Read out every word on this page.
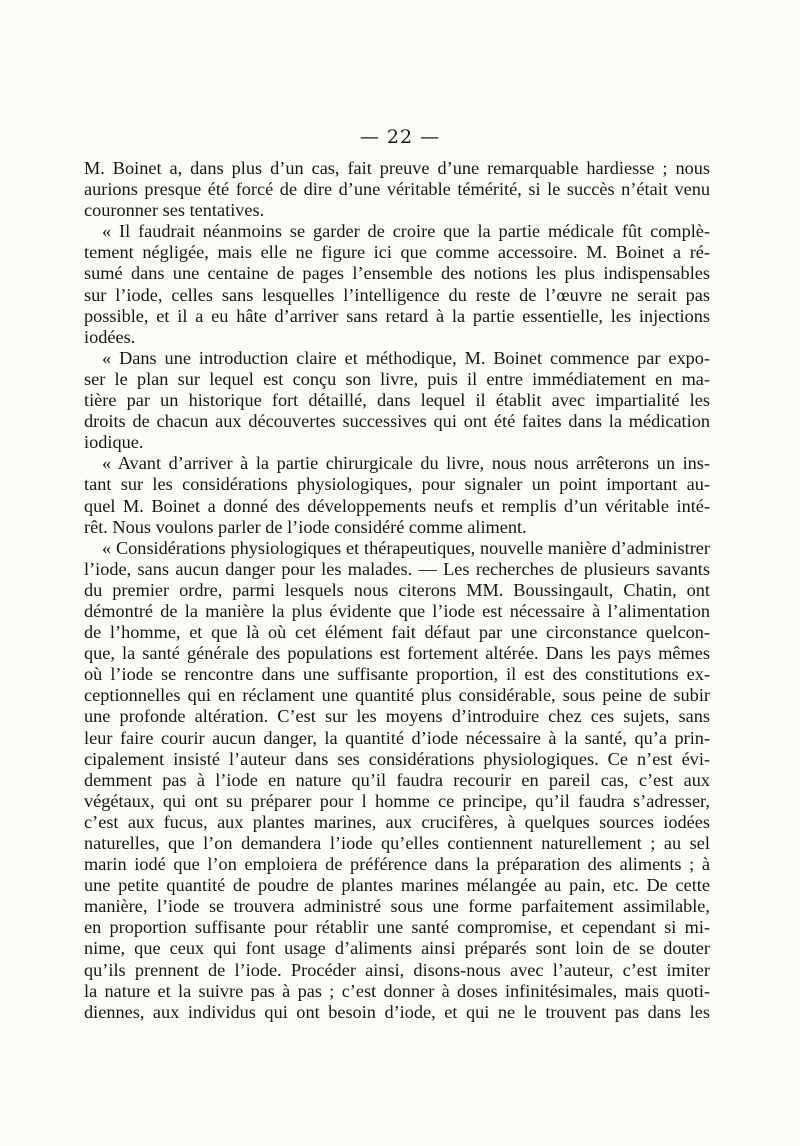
— 22 —
M. Boinet a, dans plus d’un cas, fait preuve d’une remarquable hardiesse ; nous
aurions presque été forcé de dire d’une véritable témérité, si le succès n’était venu
couronner ses tentatives.
« Il faudrait néanmoins se garder de croire que la partie médicale fût complè-
tement négligée, mais elle ne figure ici que comme accessoire. M. Boinet a ré-
sumé dans une centaine de pages l’ensemble des notions les plus indispensables
sur l’iode, celles sans lesquelles l’intelligence du reste de l’œuvre ne serait pas
possible, et il a eu hâte d’arriver sans retard à la partie essentielle, les injections
iodées.
« Dans une introduction claire et méthodique, M. Boinet commence par expo-
ser le plan sur lequel est conçu son livre, puis il entre immédiatement en ma-
tière par un historique fort détaillé, dans lequel il établit avec impartialité les
droits de chacun aux découvertes successives qui ont été faites dans la médication
iodique.
« Avant d’arriver à la partie chirurgicale du livre, nous nous arrêterons un ins-
tant sur les considérations physiologiques, pour signaler un point important au-
quel M. Boinet a donné des développements neufs et remplis d’un véritable inté-
rêt. Nous voulons parler de l’iode considéré comme aliment.
« Considérations physiologiques et thérapeutiques, nouvelle manière d’administrer
l’iode, sans aucun danger pour les malades. — Les recherches de plusieurs savants
du premier ordre, parmi lesquels nous citerons MM. Boussingault, Chatin, ont
démontré de la manière la plus évidente que l’iode est nécessaire à l’alimentation
de l’homme, et que là où cet élément fait défaut par une circonstance quelcon-
que, la santé générale des populations est fortement altérée. Dans les pays mêmes
où l’iode se rencontre dans une suffisante proportion, il est des constitutions ex-
ceptionnelles qui en réclament une quantité plus considérable, sous peine de subir
une profonde altération. C’est sur les moyens d’introduire chez ces sujets, sans
leur faire courir aucun danger, la quantité d’iode nécessaire à la santé, qu’a prin-
cipalement insisté l’auteur dans ses considérations physiologiques. Ce n’est évi-
demment pas à l’iode en nature qu’il faudra recourir en pareil cas, c’est aux
végétaux, qui ont su préparer pour l homme ce principe, qu’il faudra s’adresser,
c’est aux fucus, aux plantes marines, aux crucifères, à quelques sources iodées
naturelles, que l’on demandera l’iode qu’elles contiennent naturellement ; au sel
marin iodé que l’on emploiera de préférence dans la préparation des aliments ; à
une petite quantité de poudre de plantes marines mélangée au pain, etc. De cette
manière, l’iode se trouvera administré sous une forme parfaitement assimilable,
en proportion suffisante pour rétablir une santé compromise, et cependant si mi-
nime, que ceux qui font usage d’aliments ainsi préparés sont loin de se douter
qu’ils prennent de l’iode. Procéder ainsi, disons-nous avec l’auteur, c’est imiter
la nature et la suivre pas à pas ; c’est donner à doses infinitésimales, mais quoti-
diennes, aux individus qui ont besoin d’iode, et qui ne le trouvent pas dans les
